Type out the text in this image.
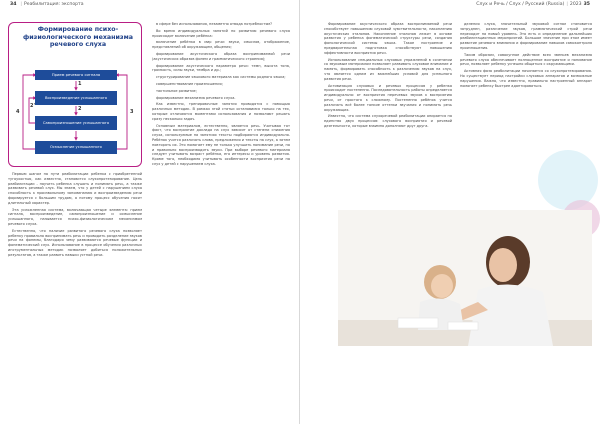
34 | Реабилитация: экспорта
Формирование психо-физиологического механизма речевого слуха
Прием речевого сигнала
Воспроизведение услышанного
Самопроизношение услышанного
Осмысление услышанного
1
2
2'
3
4

Первым шагом на пути реабилитации ребенка с приобретенной тугоухостью, как известно, становится слухопротезирование. Цель реабилитации - научить ребенка слушать и понимать речь, а также развивать речевой слух. Мы знаем, что у детей с нарушением слуха способность к произвольному запоминанию и воспроизведению речи формируется с большим трудом, а потому процесс обучения носит длительный характер.

Эта усложненная система, включающая четыре элемента: прием сигнала, воспроизведение, самопроизношение и осмысление услышанного, называется психо-физиологическим механизмом речевого слуха.

Естественно, что наличие развитого речевого слуха позволяет ребенку правильно воспринимать речь и проводить разделение звуков речи на фонемы, благодаря чему развиваются речевые функции и фонематический слух. Использование в процессе обучения различных инструментальных методик позволяет добиться положительных результатов, а также развить навыки устной речи.

в сфере без использования, незаметно отвода потребностям?

Во время индивидуальных занятий по развитию речевого слуха происходит включение ребёнка:

включение ребёнка в мир речи: звуки, смыслов, отображение, представлений об окружающем, общения;

формирование акустического образа воспринимаемой речи (акустических образов фонем и грамматического строения);

формирование акустического параметра речи: темп, высота тона, громкость, силы звуки, тембра и др.;

структурирование языкового материала как системы родного языка;

совершенствование произношения;

тактильное развитие;

формирование механизма речевого слуха.

Как известно, тренировочные занятия проводятся с помощью различных методик. В рамках этой статьи остановимся только на тех, которые отличаются моментами использования и позволяют решать сразу несколько задач.

Основным материалом, естественно, является речь. Учитывая тот факт, что восприятие доклада на слух зависит от степени снижения слуха, используемые на занятиях тексты подбираются индивидуально. Ребёнок учится различать слова, предложения и тексты на слух, а затем повторять их. Это помогает ему не только улучшить понимание речи, но и правильно воспроизводить звуки. При выборе речевого материала следует учитывать возраст ребёнка, его интересы и уровень развития. Кроме того, необходимо учитывать особенности восприятия речи на слух у детей с нарушением слуха.

Слух и Речь / Слух / Русский (Russia) | 2023 35

Формирование акустического образа воспринимаемой речи способствует повышению слуховой чувствительности, накоплению акустических эталонов. Накопление эталонов лежит в основе развития у ребенка фонематической структуры речи, создания фонологической системы языка. Такое построение и предварительная подготовка способствуют повышению эффективности восприятия речи.

Использование специальных слуховых упражнений в сочетании со звуковым материалом позволяет развивать слуховое внимание и память, формировать способность к различению звуков на слух, что является одним из важнейших условий для успешного развития речи.

Активизация слуховых и речевых процессов у ребенка происходит постепенно. Последовательность работы определяется индивидуально: от восприятия неречевых звуков к восприятию речи, от простого к сложному. Постепенно ребёнок учится различать всё более тонкие оттенки звучания и понимать речь окружающих.

Известно, что система слухоречевой реабилитации опирается на единство двух процессов: слухового восприятия и речевой деятельности, которые взаимно дополняют друг друга.

деления слуха, значительный звуковой сигнал становится затруднен, различение звуков, грамматический строй речи переходит на новый уровень. Это есть и определение дальнейших реабилитационных мероприятий. Большое значение при этом имеет развитие речевого внимания и формирование навыков самоконтроля произношения.

Таким образом, совокупное действие всех звеньев механизма речевого слуха обеспечивает полноценное восприятие и понимание речи, позволяет ребенку успешно общаться с окружающими.

Активная фаза реабилитации начинается со слухопротезирования. Но существует период настройки слуховых аппаратов и возможные нарушения. Важно, что известно, правильно настроенный аппарат помогает ребенку быстрее адаптироваться.
